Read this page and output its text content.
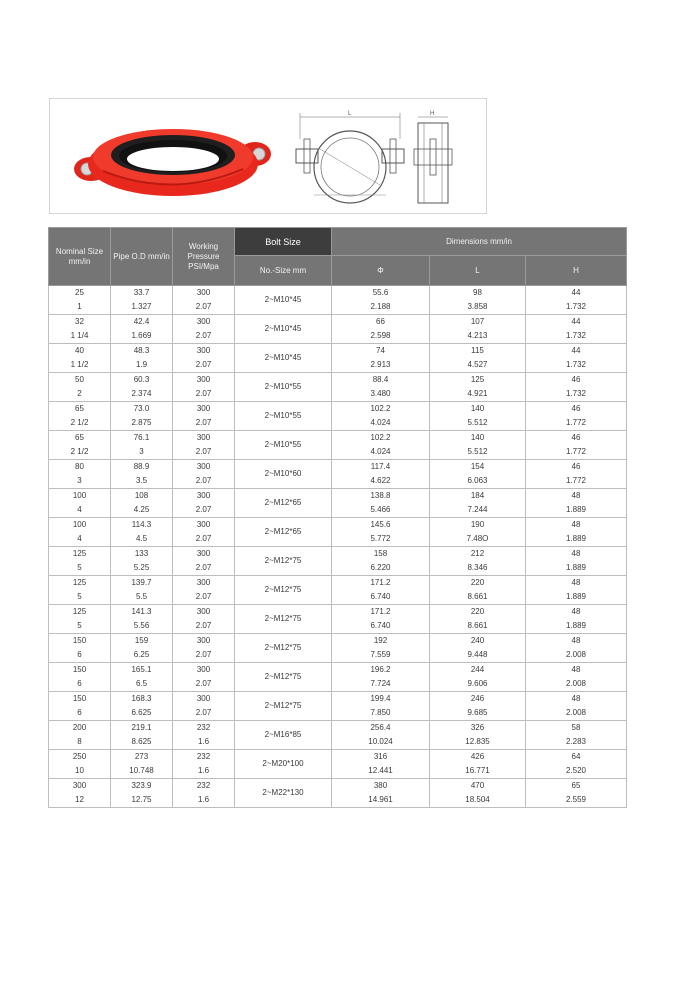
L	H
Nominal Size mm/in	Pipe O.D mm/in	Working Pressure PSI/Mpa	Bolt Size	Dimensions mm/in		
			No.-Size mm	Φ	L	H
25	33.7	300	2~M10*45	55.6	98	44
1	1.327	2.07		2.188	3.858	1.732
32	42.4	300	2~M10*45	66	107	44
1 1/4	1.669	2.07		2.598	4.213	1.732
40	48.3	300	2~M10*45	74	115	44
1 1/2	1.9	2.07		2.913	4.527	1.732
50	60.3	300	2~M10*55	88.4	125	46
2	2.374	2.07		3.480	4.921	1.732
65	73.0	300	2~M10*55	102.2	140	46
2 1/2	2.875	2.07		4.024	5.512	1.772
65	76.1	300	2~M10*55	102.2	140	46
2 1/2	3	2.07		4.024	5.512	1.772
80	88.9	300	2~M10*60	117.4	154	46
3	3.5	2.07		4.622	6.063	1.772
100	108	300	2~M12*65	138.8	184	48
4	4.25	2.07		5.466	7.244	1.889
100	114.3	300	2~M12*65	145.6	190	48
4	4.5	2.07		5.772	7.48O	1.889
125	133	300	2~M12*75	158	212	48
5	5.25	2.07		6.220	8.346	1.889
125	139.7	300	2~M12*75	171.2	220	48
5	5.5	2.07		6.740	8.661	1.889
125	141.3	300	2~M12*75	171.2	220	48
5	5.56	2.07		6.740	8.661	1.889
150	159	300	2~M12*75	192	240	48
6	6.25	2.07		7.559	9.448	2.008
150	165.1	300	2~M12*75	196.2	244	48
6	6.5	2.07		7.724	9.606	2.008
150	168.3	300	2~M12*75	199.4	246	48
6	6.625	2.07		7.850	9.685	2.008
200	219.1	232	2~M16*85	256.4	326	58
8	8.625	1.6		10.024	12.835	2.283
250	273	232	2~M20*100	316	426	64
10	10.748	1.6		12.441	16.771	2.520
300	323.9	232	2~M22*130	380	470	65
12	12.75	1.6		14.961	18.504	2.559
